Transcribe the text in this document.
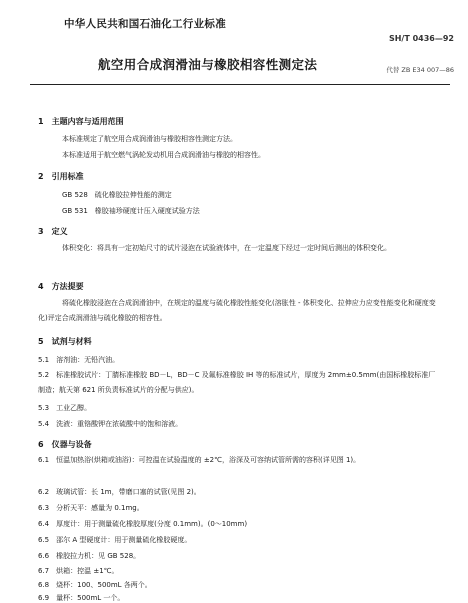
中华人民共和国石油化工行业标准
SH/T 0436—92
航空用合成润滑油与橡胶相容性测定法	代替 ZB E34 007—86
1　主题内容与适用范围
本标准规定了航空用合成润滑油与橡胶相容性测定方法。
本标准适用于航空燃气涡轮发动机用合成润滑油与橡胶的相容性。
2　引用标准
GB 528　硫化橡胶拉伸性能的测定
GB 531　橡胶袖珍硬度计压入硬度试验方法
3　定义
体积变化：将具有一定初始尺寸的试片浸泡在试验液体中，在一定温度下经过一定时间后测出的体积变化。
4　方法提要
将硫化橡胶浸泡在合成润滑油中，在规定的温度与硫化橡胶性能变化(溶胀性 - 体积变化、拉伸应力应变性能变化和硬度变化)评定合成润滑油与硫化橡胶的相容性。
5　试剂与材料
5.1　溶剂油：无铅汽油。
5.2　标准橡胶试片：丁腈标准橡胶 BD－L，BD－C 及氟标准橡胶 IH 等的标准试片，厚度为 2mm±0.5mm(由国标橡胶标准厂制造；航天第 621 所负责标准试片的分配与供应)。
5.3　工业乙醇。
5.4　洗液：重铬酸钾在浓硫酸中的饱和溶液。
6　仪器与设备
6.1　恒温加热浴(烘箱或油浴)：可控温在试验温度的 ±2℃，浴深及可容纳试管所需的容积(详见图 1)。
6.2　玻璃试管：长 1m，带磨口塞的试管(见图 2)。
6.3　分析天平：感量为 0.1mg。
6.4　厚度计：用于测量硫化橡胶厚度(分度 0.1mm)。(0～10mm)
6.5　邵尔 A 型硬度计：用于测量硫化橡胶硬度。
6.6　橡胶拉力机：见 GB 528。
6.7　烘箱：控温 ±1℃。
6.8　烧杯：100、500mL 各两个。
6.9　量杯：500mL 一个。
